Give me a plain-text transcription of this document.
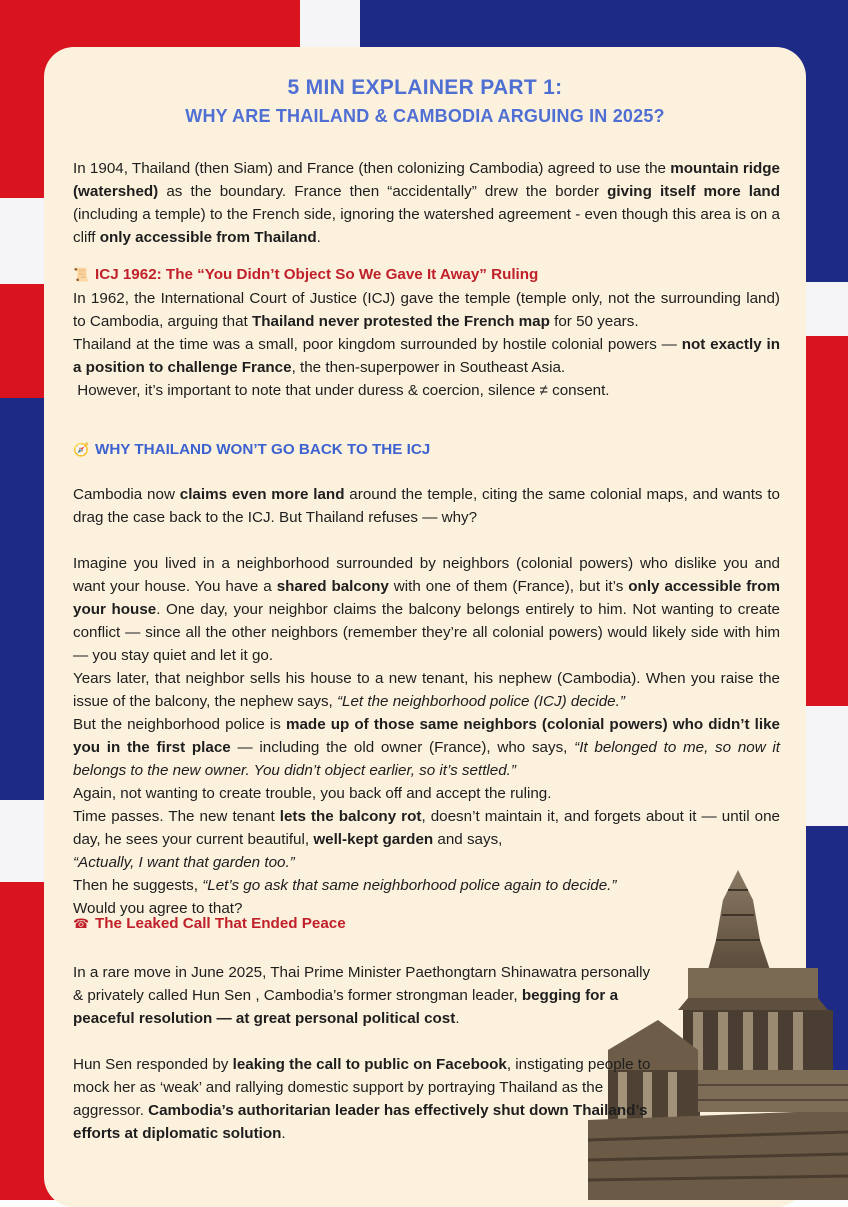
5 MIN EXPLAINER PART 1:
WHY ARE THAILAND & CAMBODIA ARGUING IN 2025?

In 1904, Thailand (then Siam) and France (then colonizing Cambodia) agreed to use the mountain ridge (watershed) as the boundary. France then “accidentally” drew the border giving itself more land (including a temple) to the French side, ignoring the watershed agreement - even though this area is on a cliff only accessible from Thailand.

📜 ICJ 1962: The “You Didn’t Object So We Gave It Away” Ruling

In 1962, the International Court of Justice (ICJ) gave the temple (temple only, not the surrounding land) to Cambodia, arguing that Thailand never protested the French map for 50 years.

Thailand at the time was a small, poor kingdom surrounded by hostile colonial powers — not exactly in a position to challenge France, the then-superpower in Southeast Asia.

However, it’s important to note that under duress & coercion, silence ≠ consent.

🧭 WHY THAILAND WON’T GO BACK TO THE ICJ

Cambodia now claims even more land around the temple, citing the same colonial maps, and wants to drag the case back to the ICJ. But Thailand refuses — why?

Imagine you lived in a neighborhood surrounded by neighbors (colonial powers) who dislike you and want your house. You have a shared balcony with one of them (France), but it’s only accessible from your house. One day, your neighbor claims the balcony belongs entirely to him. Not wanting to create conflict — since all the other neighbors (remember they’re all colonial powers) would likely side with him — you stay quiet and let it go.

Years later, that neighbor sells his house to a new tenant, his nephew (Cambodia). When you raise the issue of the balcony, the nephew says, “Let the neighborhood police (ICJ) decide.”

But the neighborhood police is made up of those same neighbors (colonial powers) who didn’t like you in the first place — including the old owner (France), who says, “It belonged to me, so now it belongs to the new owner. You didn’t object earlier, so it’s settled.”

Again, not wanting to create trouble, you back off and accept the ruling.

Time passes. The new tenant lets the balcony rot, doesn’t maintain it, and forgets about it — until one day, he sees your current beautiful, well-kept garden and says,

“Actually, I want that garden too.”

Then he suggests, “Let’s go ask that same neighborhood police again to decide.”

Would you agree to that?

☎ The Leaked Call That Ended Peace

In a rare move in June 2025, Thai Prime Minister Paethongtarn Shinawatra personally & privately called Hun Sen , Cambodia’s former strongman leader, begging for a peaceful resolution — at great personal political cost.

Hun Sen responded by leaking the call to public on Facebook, instigating people to mock her as ‘weak’ and rallying domestic support by portraying Thailand as the aggressor. Cambodia’s authoritarian leader has effectively shut down Thailand’s efforts at diplomatic solution.
